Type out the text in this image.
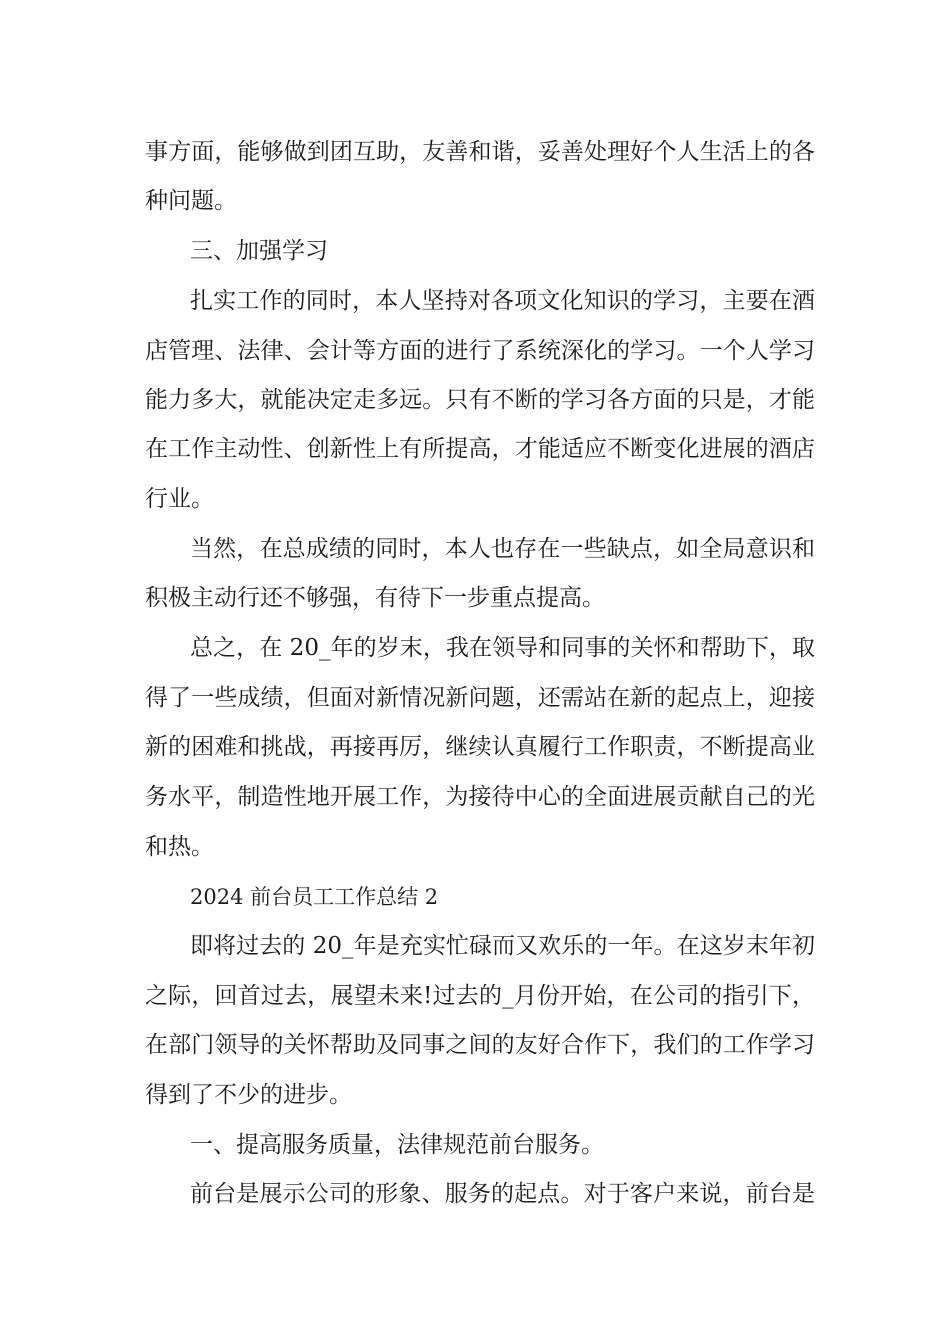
事方面，能够做到团互助，友善和谐，妥善处理好个人生活上的各

种问题。

三、加强学习

扎实工作的同时，本人坚持对各项文化知识的学习，主要在酒

店管理、法律、会计等方面的进行了系统深化的学习。一个人学习

能力多大，就能决定走多远。只有不断的学习各方面的只是，才能

在工作主动性、创新性上有所提高，才能适应不断变化进展的酒店

行业。

当然，在总成绩的同时，本人也存在一些缺点，如全局意识和

积极主动行还不够强，有待下一步重点提高。

总之，在 20_年的岁末，我在领导和同事的关怀和帮助下，取

得了一些成绩，但面对新情况新问题，还需站在新的起点上，迎接

新的困难和挑战，再接再厉，继续认真履行工作职责，不断提高业

务水平，制造性地开展工作，为接待中心的全面进展贡献自己的光

和热。

2024 前台员工工作总结 2

即将过去的 20_年是充实忙碌而又欢乐的一年。在这岁末年初

之际，回首过去，展望未来!过去的_月份开始，在公司的指引下，

在部门领导的关怀帮助及同事之间的友好合作下，我们的工作学习

得到了不少的进步。

一、提高服务质量，法律规范前台服务。

前台是展示公司的形象、服务的起点。对于客户来说，前台是
